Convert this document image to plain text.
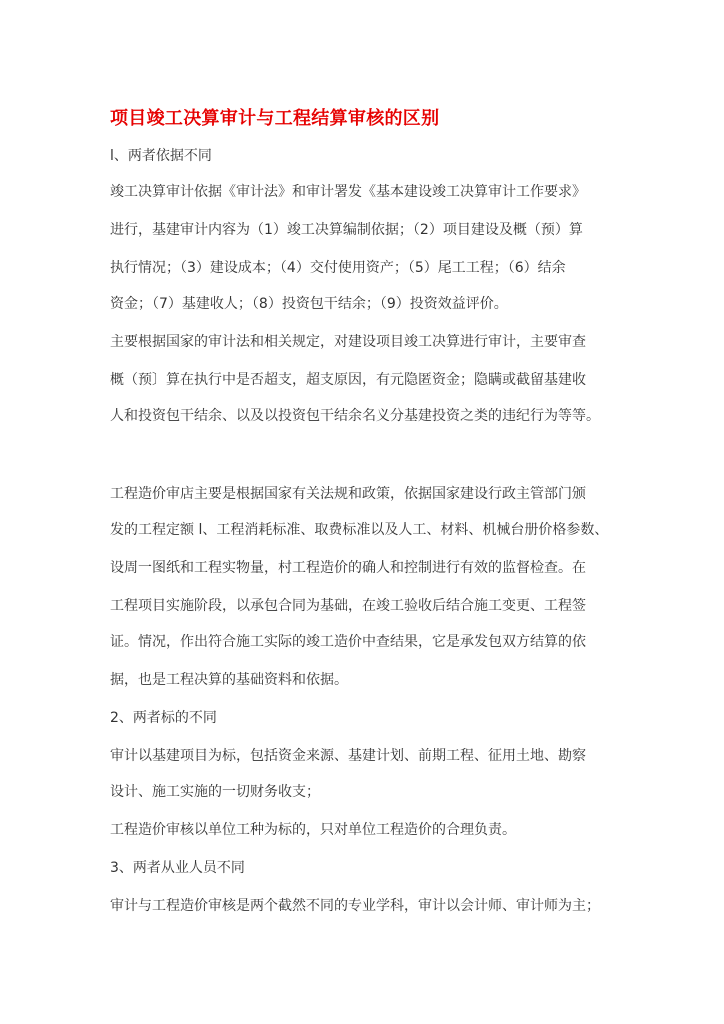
项目竣工决算审计与工程结算审核的区别
l、两者依据不同
竣工决算审计依据《审计法》和审计署发《基本建设竣工决算审计工作要求》
进行，基建审计内容为（1）竣工决算编制依据；（2）项目建设及概（预）算
执行情况；（3）建设成本；（4）交付使用资产；（5）尾工工程；（6）结余
资金；（7）基建收人；（8）投资包干结余；（9）投资效益评价。
主要根据国家的审计法和相关规定，对建设项目竣工决算进行审计，主要审查
概（预〕算在执行中是否超支，超支原因，有元隐匿资金；隐瞒或截留基建收
人和投资包干结余、以及以投资包干结余名义分基建投资之类的违纪行为等等。
工程造价审店主要是根据国家有关法规和政策，依据国家建设行政主管部门颁
发的工程定额 l、工程消耗标准、取费标准以及人工、材料、机械台册价格参数、
设周一图纸和工程实物量，村工程造价的确人和控制进行有效的监督检查。在
工程项目实施阶段，以承包合同为基础，在竣工验收后结合施工变更、工程签
证。情况，作出符合施工实际的竣工造价中查结果，它是承发包双方结算的依
据，也是工程决算的基础资料和依据。
2、两者标的不同
审计以基建项目为标，包括资金来源、基建计划、前期工程、征用土地、勘察
设计、施工实施的一切财务收支；
工程造价审核以单位工种为标的，只对单位工程造价的合理负责。
3、两者从业人员不同
审计与工程造价审核是两个截然不同的专业学科，审计以会计师、审计师为主；
